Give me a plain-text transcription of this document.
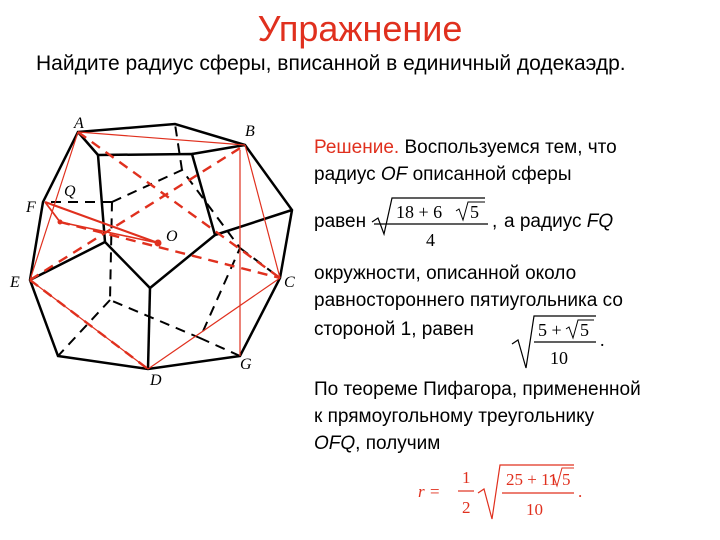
Упражнение
Найдите радиус сферы, вписанной в единичный додекаэдр.
A	B
C
D
E
F
G
O
Q

Решение. Воспользуемся тем, что

радиус OF описанной сферы

равен 18 + 6 5
4
, а радиус FQ

окружности, описанной около

равностороннего пятиугольника со

стороной 1, равен	5 + 5
10
.

По теореме Пифагора, примененной

к прямоугольному треугольнику

OFQ, получим

r =
1
2
25 + 11 5
10
.
